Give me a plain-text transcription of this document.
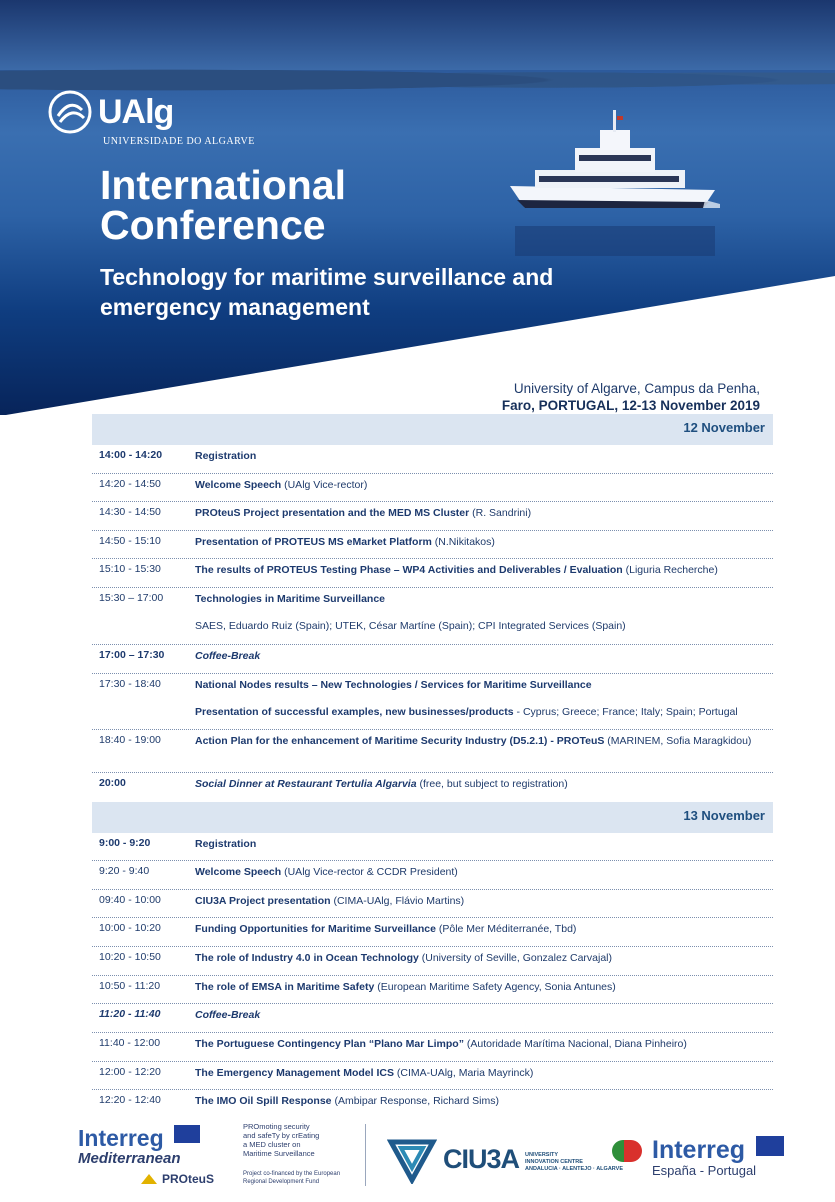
UAlg
UNIVERSIDADE DO ALGARVE
International
Conference
Technology for maritime surveillance and emergency management
University of Algarve, Campus da Penha,
Faro, PORTUGAL, 12-13 November 2019
12 November
14:00 - 14:20	Registration
14:20 - 14:50	Welcome Speech (UAlg Vice-rector)
14:30 - 14:50	PROteuS Project presentation and the MED MS Cluster (R. Sandrini)
14:50 - 15:10	Presentation of PROTEUS MS eMarket Platform (N.Nikitakos)
15:10 - 15:30	The results of PROTEUS Testing Phase – WP4 Activities and Deliverables / Evaluation (Liguria Recherche)
15:30 – 17:00	Technologies in Maritime Surveillance
SAES, Eduardo Ruiz (Spain); UTEK, César Martíne (Spain); CPI Integrated Services (Spain)
17:00 – 17:30	Coffee-Break
17:30 - 18:40	National Nodes results – New Technologies / Services for Maritime Surveillance
Presentation of successful examples, new businesses/products - Cyprus; Greece; France; Italy; Spain; Portugal
18:40 - 19:00	Action Plan for the enhancement of Maritime Security Industry (D5.2.1) - PROTeuS (MARINEM, Sofia Maragkidou)
20:00	Social Dinner at Restaurant Tertulia Algarvia (free, but subject to registration)
13 November
9:00 - 9:20	Registration
9:20 - 9:40	Welcome Speech (UAlg Vice-rector & CCDR President)
09:40 - 10:00	CIU3A Project presentation (CIMA-UAlg, Flávio Martins)
10:00 - 10:20	Funding Opportunities for Maritime Surveillance (Pôle Mer Méditerranée, Tbd)
10:20 - 10:50	The role of Industry 4.0 in Ocean Technology (University of Seville, Gonzalez Carvajal)
10:50 - 11:20	The role of EMSA in Maritime Safety (European Maritime Safety Agency, Sonia Antunes)
11:20 - 11:40	Coffee-Break
11:40 - 12:00	The Portuguese Contingency Plan “Plano Mar Limpo” (Autoridade Marítima Nacional, Diana Pinheiro)
12:00 - 12:20	The Emergency Management Model ICS (CIMA-UAlg, Maria Mayrinck)
12:20 - 12:40	The IMO Oil Spill Response (Ambipar Response, Richard Sims)
Interreg
Mediterranean
PROmoting security
and safeTy by crEating
a MED cluster on
Maritime Surveillance
Project co-financed by the European
Regional Development Fund
PROteuS
CIU3A UNIVERSITY
INNOVATION CENTRE
ANDALUCIA · ALENTEJO · ALGARVE
Interreg
España - Portugal
